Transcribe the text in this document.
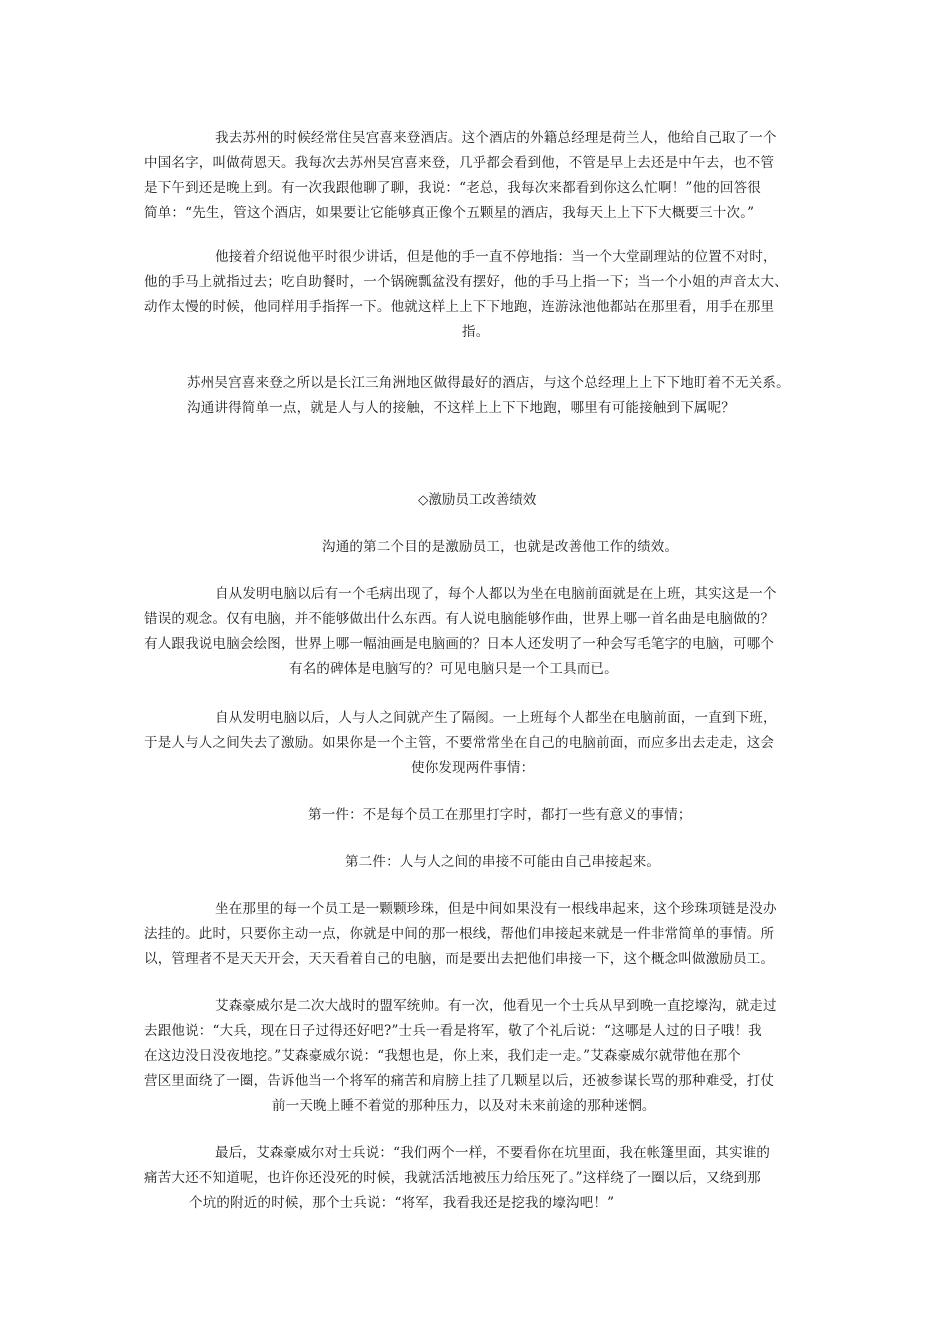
我去苏州的时候经常住吴宫喜来登酒店。这个酒店的外籍总经理是荷兰人，他给自己取了一个
中国名字，叫做荷恩天。我每次去苏州吴宫喜来登，几乎都会看到他，不管是早上去还是中午去，也不管
是下午到还是晚上到。有一次我跟他聊了聊，我说：“老总，我每次来都看到你这么忙啊！”他的回答很
简单：“先生，管这个酒店，如果要让它能够真正像个五颗星的酒店，我每天上上下下大概要三十次。”
他接着介绍说他平时很少讲话，但是他的手一直不停地指：当一个大堂副理站的位置不对时，
他的手马上就指过去；吃自助餐时，一个锅碗瓢盆没有摆好，他的手马上指一下；当一个小姐的声音太大、
动作太慢的时候，他同样用手指挥一下。他就这样上上下下地跑，连游泳池他都站在那里看，用手在那里
指。
苏州吴宫喜来登之所以是长江三角洲地区做得最好的酒店，与这个总经理上上下下地盯着不无关系。
沟通讲得简单一点，就是人与人的接触，不这样上上下下地跑，哪里有可能接触到下属呢？
◇激励员工改善绩效
沟通的第二个目的是激励员工，也就是改善他工作的绩效。
自从发明电脑以后有一个毛病出现了，每个人都以为坐在电脑前面就是在上班，其实这是一个
错误的观念。仅有电脑，并不能够做出什么东西。有人说电脑能够作曲，世界上哪一首名曲是电脑做的？
有人跟我说电脑会绘图，世界上哪一幅油画是电脑画的？日本人还发明了一种会写毛笔字的电脑，可哪个
有名的碑体是电脑写的？可见电脑只是一个工具而已。
自从发明电脑以后，人与人之间就产生了隔阂。一上班每个人都坐在电脑前面，一直到下班，
于是人与人之间失去了激励。如果你是一个主管，不要常常坐在自己的电脑前面，而应多出去走走，这会
使你发现两件事情：
第一件：不是每个员工在那里打字时，都打一些有意义的事情；
第二件：人与人之间的串接不可能由自己串接起来。
坐在那里的每一个员工是一颗颗珍珠，但是中间如果没有一根线串起来，这个珍珠项链是没办
法挂的。此时，只要你主动一点，你就是中间的那一根线，帮他们串接起来就是一件非常简单的事情。所
以，管理者不是天天开会，天天看着自己的电脑，而是要出去把他们串接一下，这个概念叫做激励员工。
艾森豪威尔是二次大战时的盟军统帅。有一次，他看见一个士兵从早到晚一直挖壕沟，就走过
去跟他说：“大兵，现在日子过得还好吧?”士兵一看是将军，敬了个礼后说：“这哪是人过的日子哦！我
在这边没日没夜地挖。”艾森豪威尔说：“我想也是，你上来，我们走一走。”艾森豪威尔就带他在那个
营区里面绕了一圈，告诉他当一个将军的痛苦和肩膀上挂了几颗星以后，还被参谋长骂的那种难受，打仗
前一天晚上睡不着觉的那种压力，以及对未来前途的那种迷惘。
最后，艾森豪威尔对士兵说：“我们两个一样，不要看你在坑里面，我在帐篷里面，其实谁的
痛苦大还不知道呢，也许你还没死的时候，我就活活地被压力给压死了。”这样绕了一圈以后，又绕到那
个坑的附近的时候，那个士兵说：“将军，我看我还是挖我的壕沟吧！”
